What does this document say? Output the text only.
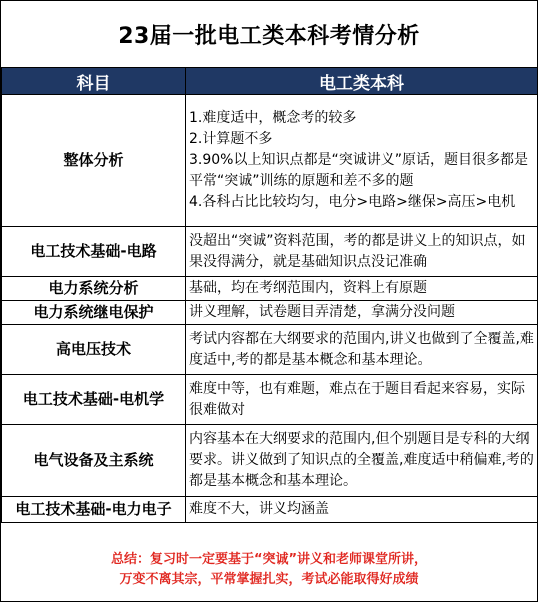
23届一批电工类本科考情分析
科目	电工类本科
整体分析	1.难度适中，概念考的较多
2.计算题不多
3.90%以上知识点都是“突诚讲义”原话，题目很多都是平常“突诚”训练的原题和差不多的题
4.各科占比比较均匀，电分>电路>继保>高压>电机

电工技术基础-电路	没超出“突诚”资料范围，考的都是讲义上的知识点，如果没得满分，就是基础知识点没记准确

电力系统分析	基础，均在考纲范围内，资料上有原题

电力系统继电保护	讲义理解，试卷题目弄清楚，拿满分没问题

高电压技术	考试内容都在大纲要求的范围内,讲义也做到了全覆盖,难度适中,考的都是基本概念和基本理论。

电工技术基础-电机学	难度中等，也有难题，难点在于题目看起来容易，实际很难做对

电气设备及主系统	内容基本在大纲要求的范围内,但个别题目是专科的大纲要求。讲义做到了知识点的全覆盖,难度适中稍偏难,考的都是基本概念和基本理论。

电工技术基础-电力电子	难度不大，讲义均涵盖
总结：复习时一定要基于“突诚”讲义和老师课堂所讲，
万变不离其宗，平常掌握扎实，考试必能取得好成绩
